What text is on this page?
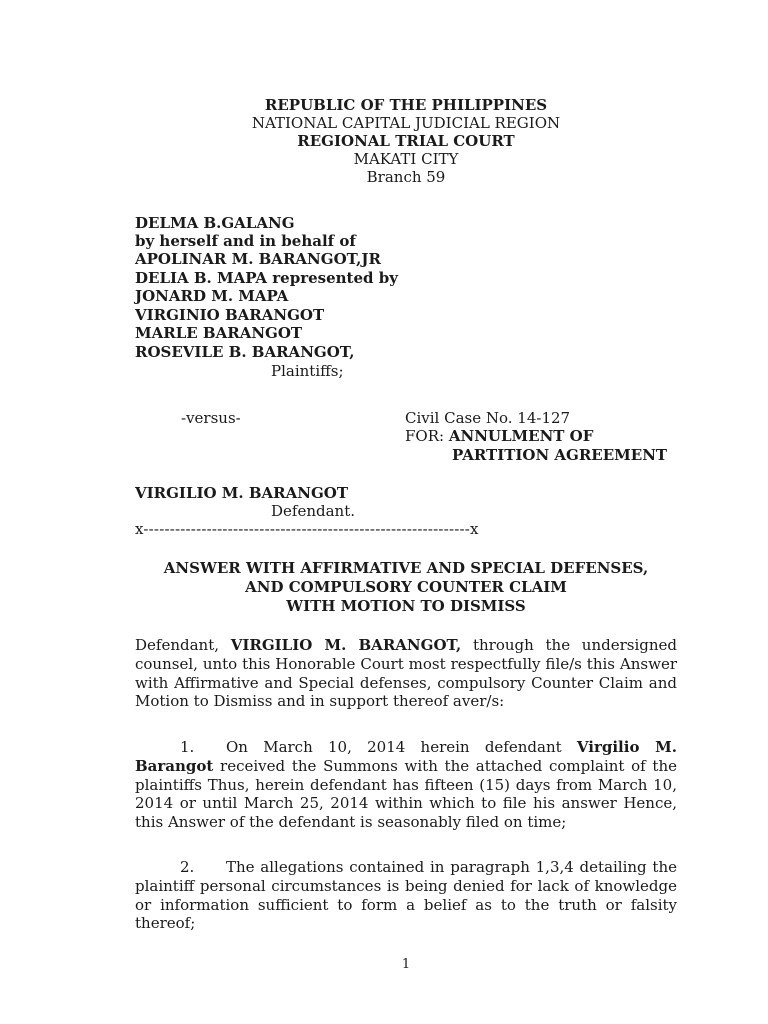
REPUBLIC OF THE PHILIPPINES
NATIONAL CAPITAL JUDICIAL REGION
REGIONAL TRIAL COURT
MAKATI CITY
Branch 59
DELMA B.GALANG
by herself and in behalf of
APOLINAR M. BARANGOT,JR
DELIA B. MAPA represented by
JONARD M. MAPA
VIRGINIO BARANGOT
MARLE BARANGOT
ROSEVILE B. BARANGOT,
Plaintiffs;
-versus-	Civil Case No. 14-127
FOR: ANNULMENT OF
PARTITION AGREEMENT
VIRGILIO M. BARANGOT
Defendant.
x--------------------------------------------------------------x
ANSWER WITH AFFIRMATIVE AND SPECIAL DEFENSES,
AND COMPULSORY COUNTER CLAIM
WITH MOTION TO DISMISS

Defendant, VIRGILIO M. BARANGOT, through the undersigned counsel, unto this Honorable Court most respectfully file/s this Answer with Affirmative and Special defenses, compulsory Counter Claim and Motion to Dismiss and in support thereof aver/s:

1. On March 10, 2014 herein defendant Virgilio M. Barangot received the Summons with the attached complaint of the plaintiffs Thus, herein defendant has fifteen (15) days from March 10, 2014 or until March 25, 2014 within which to file his answer Hence, this Answer of the defendant is seasonably filed on time;

2. The allegations contained in paragraph 1,3,4 detailing the plaintiff personal circumstances is being denied for lack of knowledge or information sufficient to form a belief as to the truth or falsity thereof;

1
